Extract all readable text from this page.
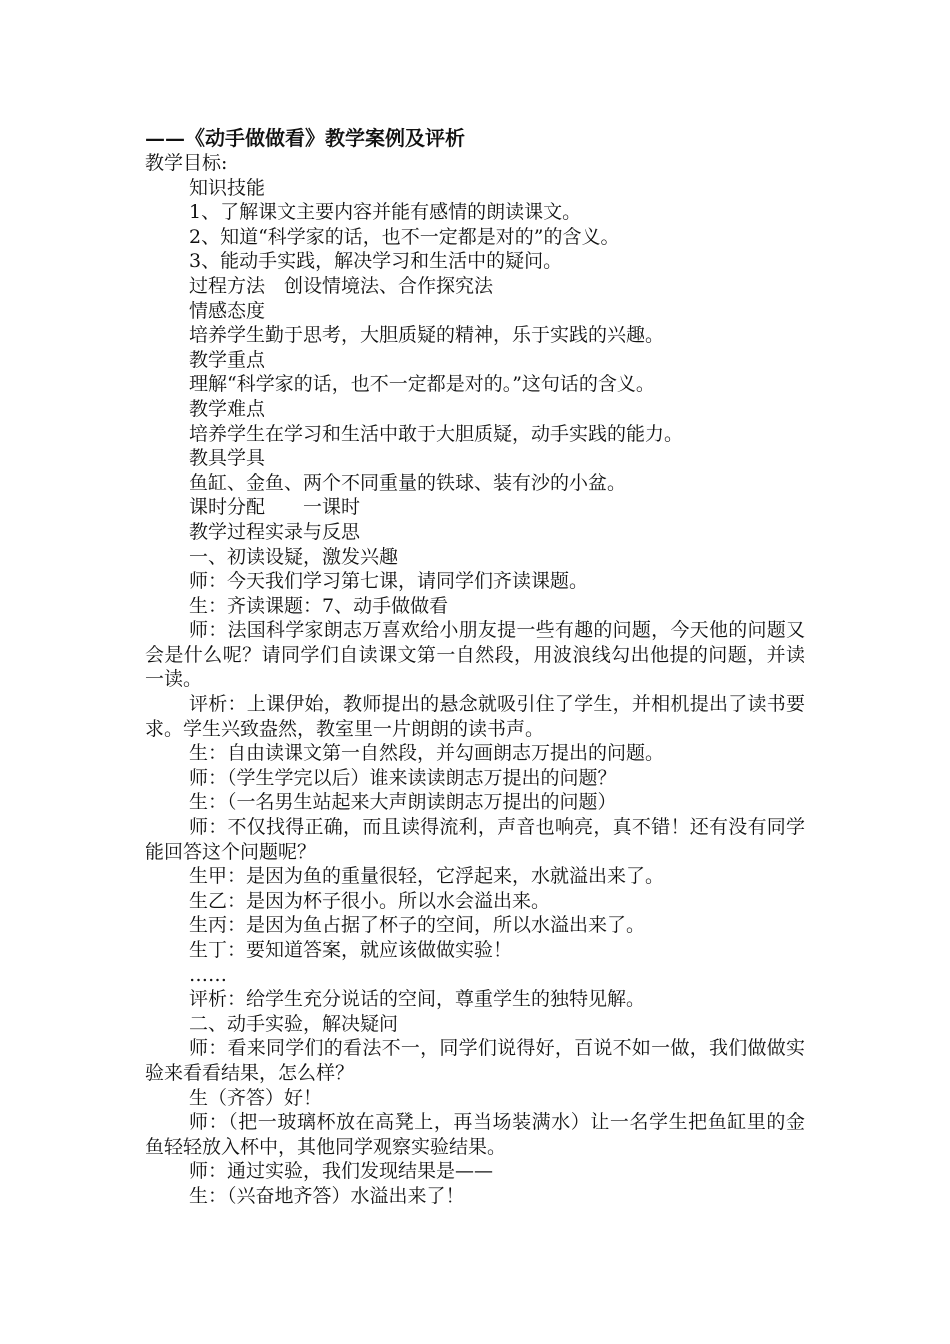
——《动手做做看》教学案例及评析

教学目标:

知识技能

1、了解课文主要内容并能有感情的朗读课文。

2、知道“科学家的话，也不一定都是对的”的含义。

3、能动手实践，解决学习和生活中的疑问。

过程方法　创设情境法、合作探究法

情感态度

培养学生勤于思考，大胆质疑的精神，乐于实践的兴趣。

教学重点

理解“科学家的话，也不一定都是对的。”这句话的含义。

教学难点

培养学生在学习和生活中敢于大胆质疑，动手实践的能力。

教具学具

鱼缸、金鱼、两个不同重量的铁球、装有沙的小盆。

课时分配　　一课时

教学过程实录与反思

一、初读设疑，激发兴趣

师：今天我们学习第七课，请同学们齐读课题。

生：齐读课题：7、动手做做看

师：法国科学家朗志万喜欢给小朋友提一些有趣的问题，今天他的问题又会是什么呢？请同学们自读课文第一自然段，用波浪线勾出他提的问题，并读一读。

评析：上课伊始，教师提出的悬念就吸引住了学生，并相机提出了读书要求。学生兴致盎然，教室里一片朗朗的读书声。

生：自由读课文第一自然段，并勾画朗志万提出的问题。

师：（学生学完以后）谁来读读朗志万提出的问题？

生：（一名男生站起来大声朗读朗志万提出的问题）

师：不仅找得正确，而且读得流利，声音也响亮，真不错！还有没有同学能回答这个问题呢？

生甲：是因为鱼的重量很轻，它浮起来，水就溢出来了。

生乙：是因为杯子很小。所以水会溢出来。

生丙：是因为鱼占据了杯子的空间，所以水溢出来了。

生丁：要知道答案，就应该做做实验！

……

评析：给学生充分说话的空间，尊重学生的独特见解。

二、动手实验，解决疑问

师：看来同学们的看法不一，同学们说得好，百说不如一做，我们做做实验来看看结果，怎么样？

生（齐答）好！

师：（把一玻璃杯放在高凳上，再当场装满水）让一名学生把鱼缸里的金鱼轻轻放入杯中，其他同学观察实验结果。

师：通过实验，我们发现结果是——

生：（兴奋地齐答）水溢出来了！
